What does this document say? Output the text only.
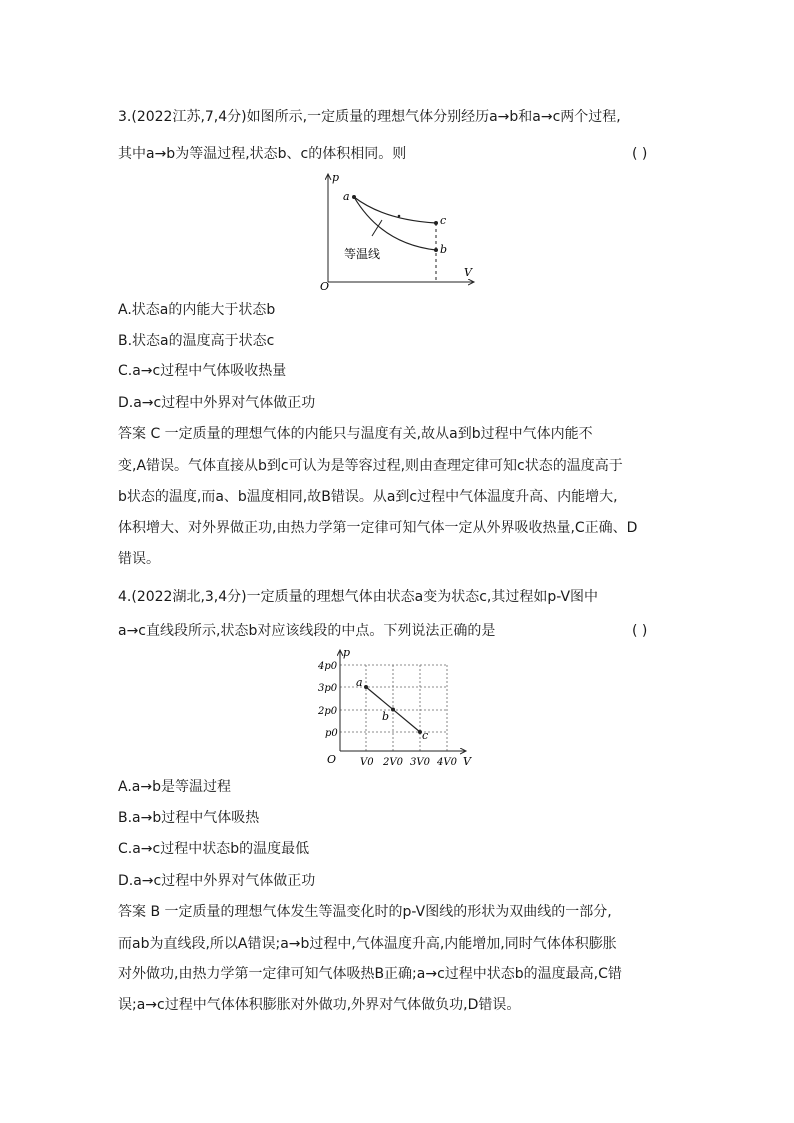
3.(2022江苏,7,4分)如图所示,一定质量的理想气体分别经历a→b和a→c两个过程,
其中a→b为等温过程,状态b、c的体积相同。则	( )
p
V
O
a
c
b
等温线
A.状态a的内能大于状态b
B.状态a的温度高于状态c
C.a→c过程中气体吸收热量
D.a→c过程中外界对气体做正功
答案 C 一定质量的理想气体的内能只与温度有关,故从a到b过程中气体内能不
变,A错误。气体直接从b到c可认为是等容过程,则由查理定律可知c状态的温度高于
b状态的温度,而a、b温度相同,故B错误。从a到c过程中气体温度升高、内能增大,
体积增大、对外界做正功,由热力学第一定律可知气体一定从外界吸收热量,C正确、D
错误。
4.(2022湖北,3,4分)一定质量的理想气体由状态a变为状态c,其过程如p-V图中
a→c直线段所示,状态b对应该线段的中点。下列说法正确的是	( )
p
V
O
4p0
3p0
2p0
p0
V0 2V0 3V0 4V0
a
b
c
A.a→b是等温过程
B.a→b过程中气体吸热
C.a→c过程中状态b的温度最低
D.a→c过程中外界对气体做正功
答案 B 一定质量的理想气体发生等温变化时的p-V图线的形状为双曲线的一部分,
而ab为直线段,所以A错误;a→b过程中,气体温度升高,内能增加,同时气体体积膨胀
对外做功,由热力学第一定律可知气体吸热B正确;a→c过程中状态b的温度最高,C错
误;a→c过程中气体体积膨胀对外做功,外界对气体做负功,D错误。
